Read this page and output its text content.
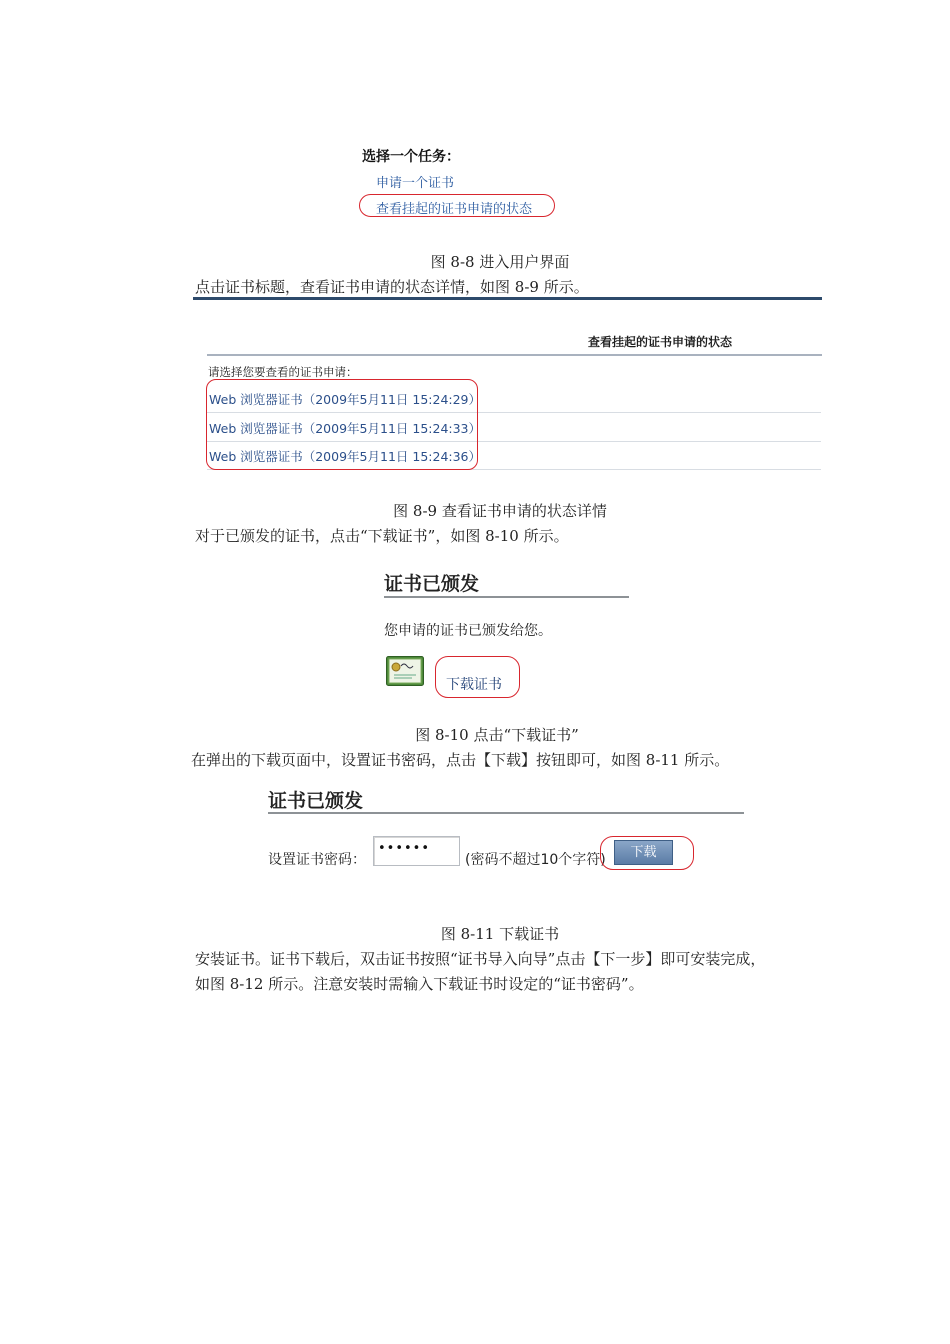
选择一个任务：
申请一个证书
查看挂起的证书申请的状态
图 8-8 进入用户界面
点击证书标题，查看证书申请的状态详情，如图 8-9 所示。
查看挂起的证书申请的状态
请选择您要查看的证书申请：
Web 浏览器证书（2009年5月11日 15:24:29）
Web 浏览器证书（2009年5月11日 15:24:33）
Web 浏览器证书（2009年5月11日 15:24:36）
图 8-9 查看证书申请的状态详情
对于已颁发的证书，点击“下载证书”，如图 8-10 所示。
证书已颁发
您申请的证书已颁发给您。
下载证书
图 8-10 点击“下载证书”
在弹出的下载页面中，设置证书密码，点击【下载】按钮即可，如图 8-11 所示。
证书已颁发
设置证书密码：
••••••
(密码不超过10个字符)	下载
图 8-11 下载证书
安装证书。证书下载后，双击证书按照“证书导入向导”点击【下一步】即可安装完成，
如图 8-12 所示。注意安装时需输入下载证书时设定的“证书密码”。
